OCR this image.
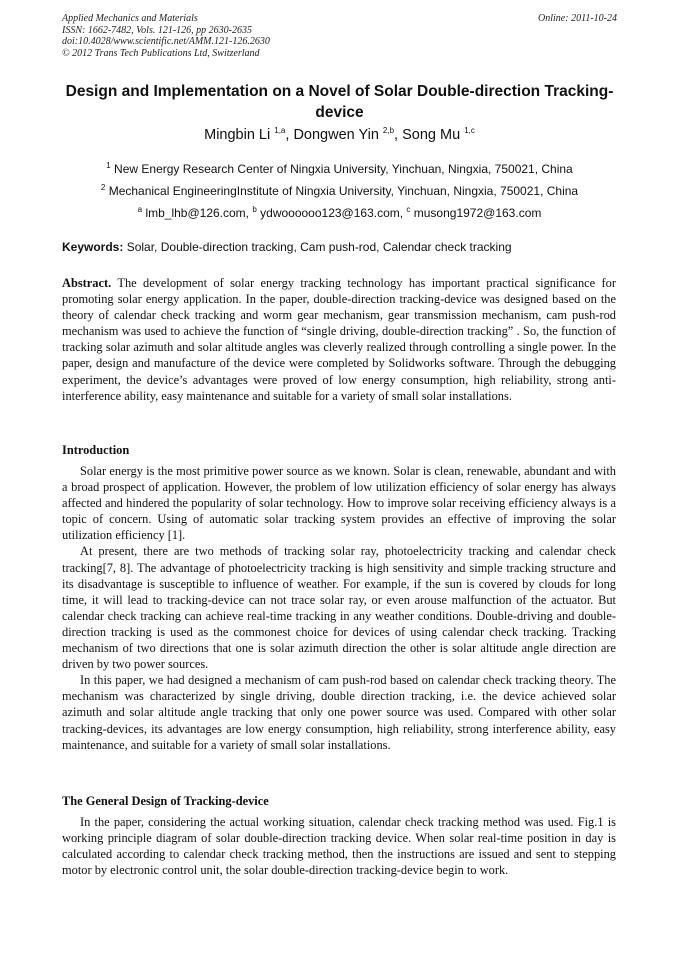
Applied Mechanics and Materials
ISSN: 1662-7482, Vols. 121-126, pp 2630-2635
doi:10.4028/www.scientific.net/AMM.121-126.2630
© 2012 Trans Tech Publications Ltd, Switzerland
Online: 2011-10-24
Design and Implementation on a Novel of Solar Double-direction Tracking-device
Mingbin Li $^{1,a}$, Dongwen Yin $^{2,b}$, Song Mu $^{1,c}$
$^1$ New Energy Research Center of Ningxia University, Yinchuan, Ningxia, 750021, China
$^2$ Mechanical EngineeringInstitute of Ningxia University, Yinchuan, Ningxia, 750021, China
$^a$ lmb_lhb@126.com, $^b$ ydwoooooo123@163.com, $^c$ musong1972@163.com
Keywords: Solar, Double-direction tracking, Cam push-rod, Calendar check tracking
Abstract. The development of solar energy tracking technology has important practical significance for promoting solar energy application. In the paper, double-direction tracking-device was designed based on the theory of calendar check tracking and worm gear mechanism, gear transmission mechanism, cam push-rod mechanism was used to achieve the function of “single driving, double-direction tracking” . So, the function of tracking solar azimuth and solar altitude angles was cleverly realized through controlling a single power. In the paper, design and manufacture of the device were completed by Solidworks software. Through the debugging experiment, the device’s advantages were proved of low energy consumption, high reliability, strong anti-interference ability, easy maintenance and suitable for a variety of small solar installations.
Introduction

Solar energy is the most primitive power source as we known. Solar is clean, renewable, abundant and with a broad prospect of application. However, the problem of low utilization efficiency of solar energy has always affected and hindered the popularity of solar technology. How to improve solar receiving efficiency always is a topic of concern. Using of automatic solar tracking system provides an effective of improving the solar utilization efficiency [1].

At present, there are two methods of tracking solar ray, photoelectricity tracking and calendar check tracking[7, 8]. The advantage of photoelectricity tracking is high sensitivity and simple tracking structure and its disadvantage is susceptible to influence of weather. For example, if the sun is covered by clouds for long time, it will lead to tracking-device can not trace solar ray, or even arouse malfunction of the actuator. But calendar check tracking can achieve real-time tracking in any weather conditions. Double-driving and double-direction tracking is used as the commonest choice for devices of using calendar check tracking. Tracking mechanism of two directions that one is solar azimuth direction the other is solar altitude angle direction are driven by two power sources.

In this paper, we had designed a mechanism of cam push-rod based on calendar check tracking theory. The mechanism was characterized by single driving, double direction tracking, i.e. the device achieved solar azimuth and solar altitude angle tracking that only one power source was used. Compared with other solar tracking-devices, its advantages are low energy consumption, high reliability, strong interference ability, easy maintenance, and suitable for a variety of small solar installations.

The General Design of Tracking-device

In the paper, considering the actual working situation, calendar check tracking method was used. Fig.1 is working principle diagram of solar double-direction tracking device. When solar real-time position in day is calculated according to calendar check tracking method, then the instructions are issued and sent to stepping motor by electronic control unit, the solar double-direction tracking-device begin to work.
